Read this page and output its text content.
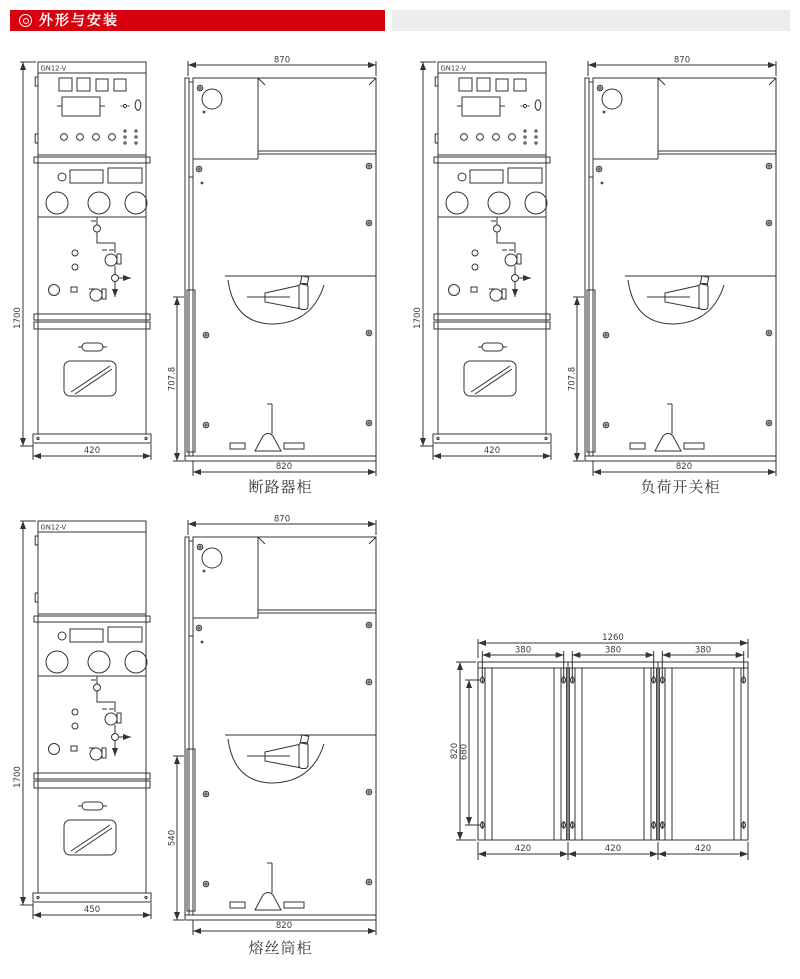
外形与安装
1700
GN12-V
420
870
707.8
820
断路器柜
1700
GN12-V
420
870
707.8
820
负荷开关柜
1700
GN12-V
450
870
540
820
熔丝筒柜
1260
380	380	380
820 680
420	420	420
